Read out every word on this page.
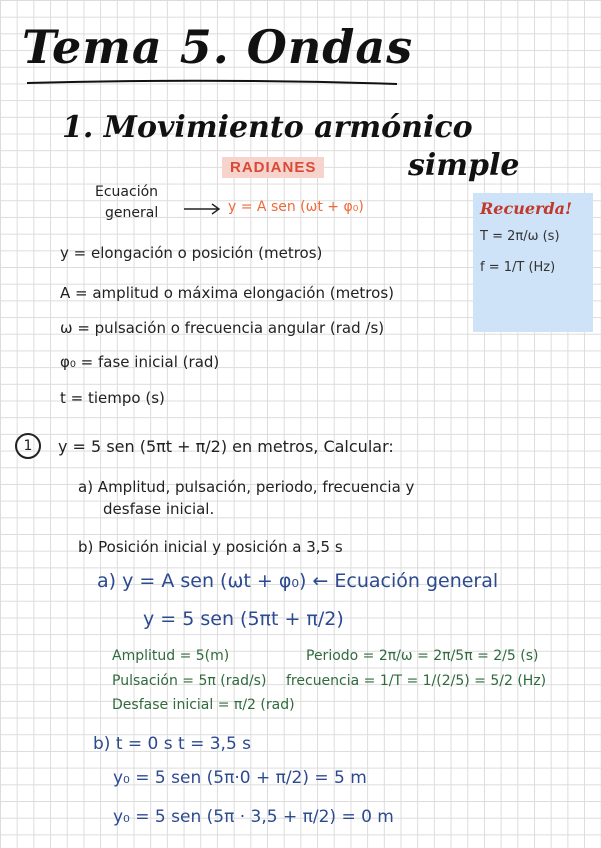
Tema 5. Ondas
1. Movimiento armónico
simple
RADIANES
Ecuación
general	y = A sen (ωt + φ₀)	Recuerda!
T = 2π/ω (s)
f = 1/T (Hz)
y = elongación o posición (metros)
A = amplitud o máxima elongación (metros)
ω = pulsación o frecuencia angular (rad /s)
φ₀ = fase inicial (rad)
t = tiempo (s)
1	y = 5 sen (5πt + π/2) en metros, Calcular:
a) Amplitud, pulsación, periodo, frecuencia y
desfase inicial.
b) Posición inicial y posición a 3,5 s
a) y = A sen (ωt + φ₀) ← Ecuación general
y = 5 sen (5πt + π/2)
Amplitud = 5(m)	Periodo = 2π/ω = 2π/5π = 2/5 (s)
Pulsación = 5π (rad/s) frecuencia = 1/T = 1/(2/5) = 5/2 (Hz)
Desfase inicial = π/2 (rad)
b) t = 0 s t = 3,5 s
y₀ = 5 sen (5π·0 + π/2) = 5 m
y₀ = 5 sen (5π · 3,5 + π/2) = 0 m
